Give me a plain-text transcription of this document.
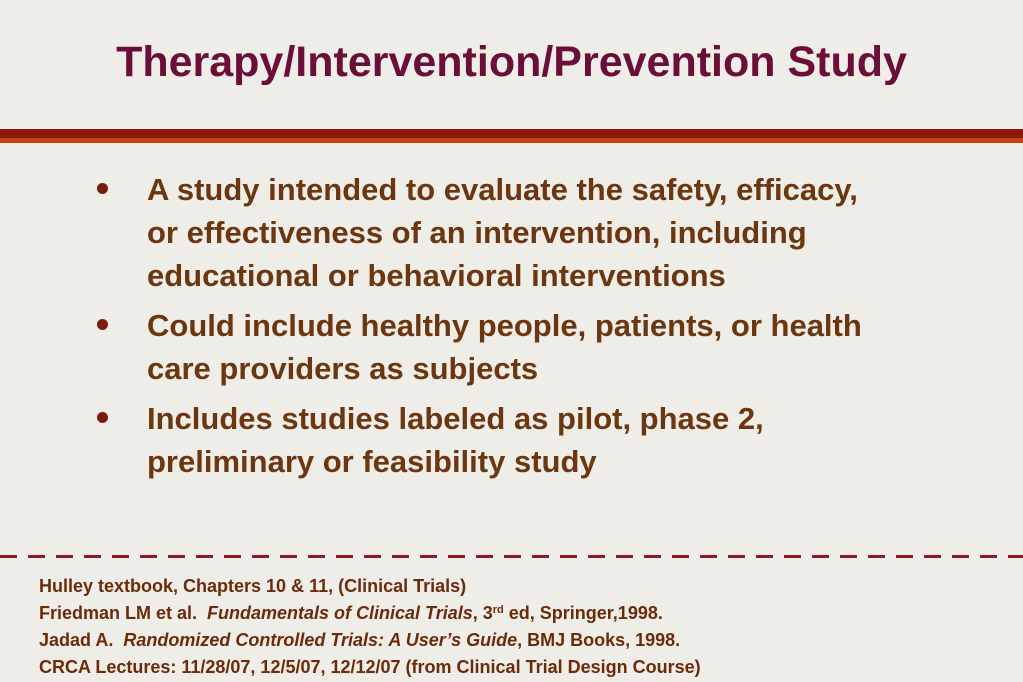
Therapy/Intervention/Prevention Study
A study intended to evaluate the safety, efficacy, or effectiveness of an intervention, including educational or behavioral interventions
Could include healthy people, patients, or health care providers as subjects
Includes studies labeled as pilot, phase 2, preliminary or feasibility study
Hulley textbook, Chapters 10 & 11, (Clinical Trials)
Friedman LM et al.  Fundamentals of Clinical Trials, 3rd ed, Springer,1998.
Jadad A.  Randomized Controlled Trials: A User’s Guide, BMJ Books, 1998.
CRCA Lectures: 11/28/07, 12/5/07, 12/12/07 (from Clinical Trial Design Course)
